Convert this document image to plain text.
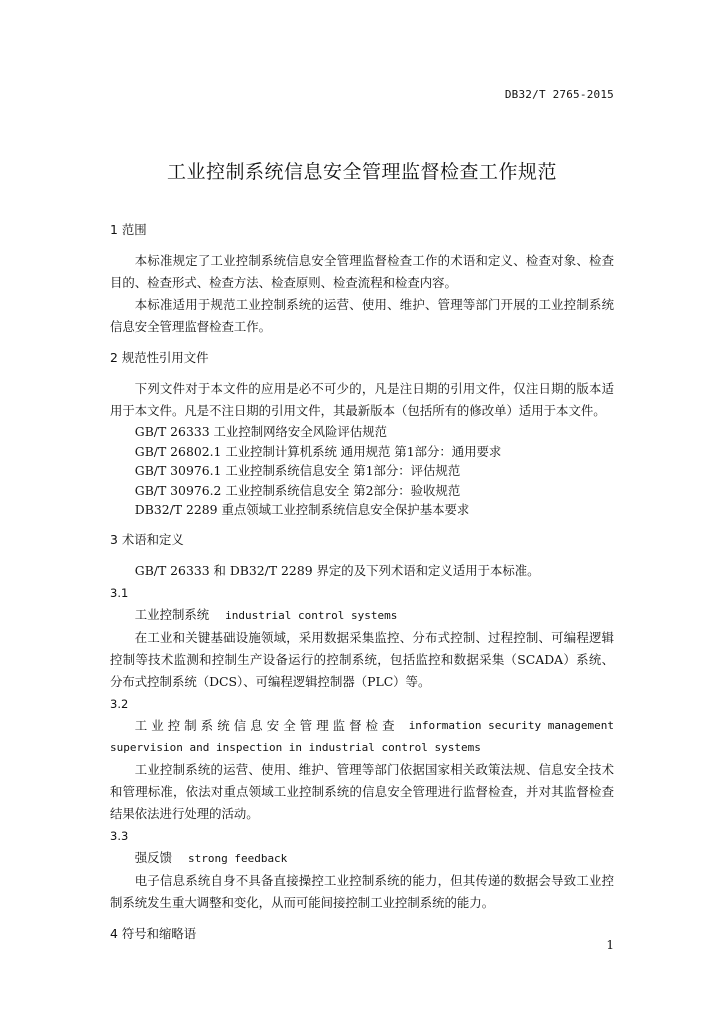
DB32/T 2765-2015
工业控制系统信息安全管理监督检查工作规范

1 范围

本标准规定了工业控制系统信息安全管理监督检查工作的术语和定义、检查对象、检查目的、检查形式、检查方法、检查原则、检查流程和检查内容。

本标准适用于规范工业控制系统的运营、使用、维护、管理等部门开展的工业控制系统信息安全管理监督检查工作。

2 规范性引用文件

下列文件对于本文件的应用是必不可少的，凡是注日期的引用文件，仅注日期的版本适用于本文件。凡是不注日期的引用文件，其最新版本（包括所有的修改单）适用于本文件。

GB/T 26333 工业控制网络安全风险评估规范

GB/T 26802.1 工业控制计算机系统 通用规范 第1部分：通用要求

GB/T 30976.1 工业控制系统信息安全 第1部分：评估规范

GB/T 30976.2 工业控制系统信息安全 第2部分：验收规范

DB32/T 2289 重点领域工业控制系统信息安全保护基本要求

3 术语和定义

GB/T 26333 和 DB32/T 2289 界定的及下列术语和定义适用于本标准。

3.1

工业控制系统 industrial control systems

在工业和关键基础设施领域，采用数据采集监控、分布式控制、过程控制、可编程逻辑控制等技术监测和控制生产设备运行的控制系统，包括监控和数据采集（SCADA）系统、分布式控制系统（DCS）、可编程逻辑控制器（PLC）等。

3.2

工业控制系统信息安全管理监督检查 information security management

supervision and inspection in industrial control systems

工业控制系统的运营、使用、维护、管理等部门依据国家相关政策法规、信息安全技术和管理标准，依法对重点领域工业控制系统的信息安全管理进行监督检查，并对其监督检查结果依法进行处理的活动。

3.3

强反馈 strong feedback

电子信息系统自身不具备直接操控工业控制系统的能力，但其传递的数据会导致工业控制系统发生重大调整和变化，从而可能间接控制工业控制系统的能力。

4 符号和缩略语

1
